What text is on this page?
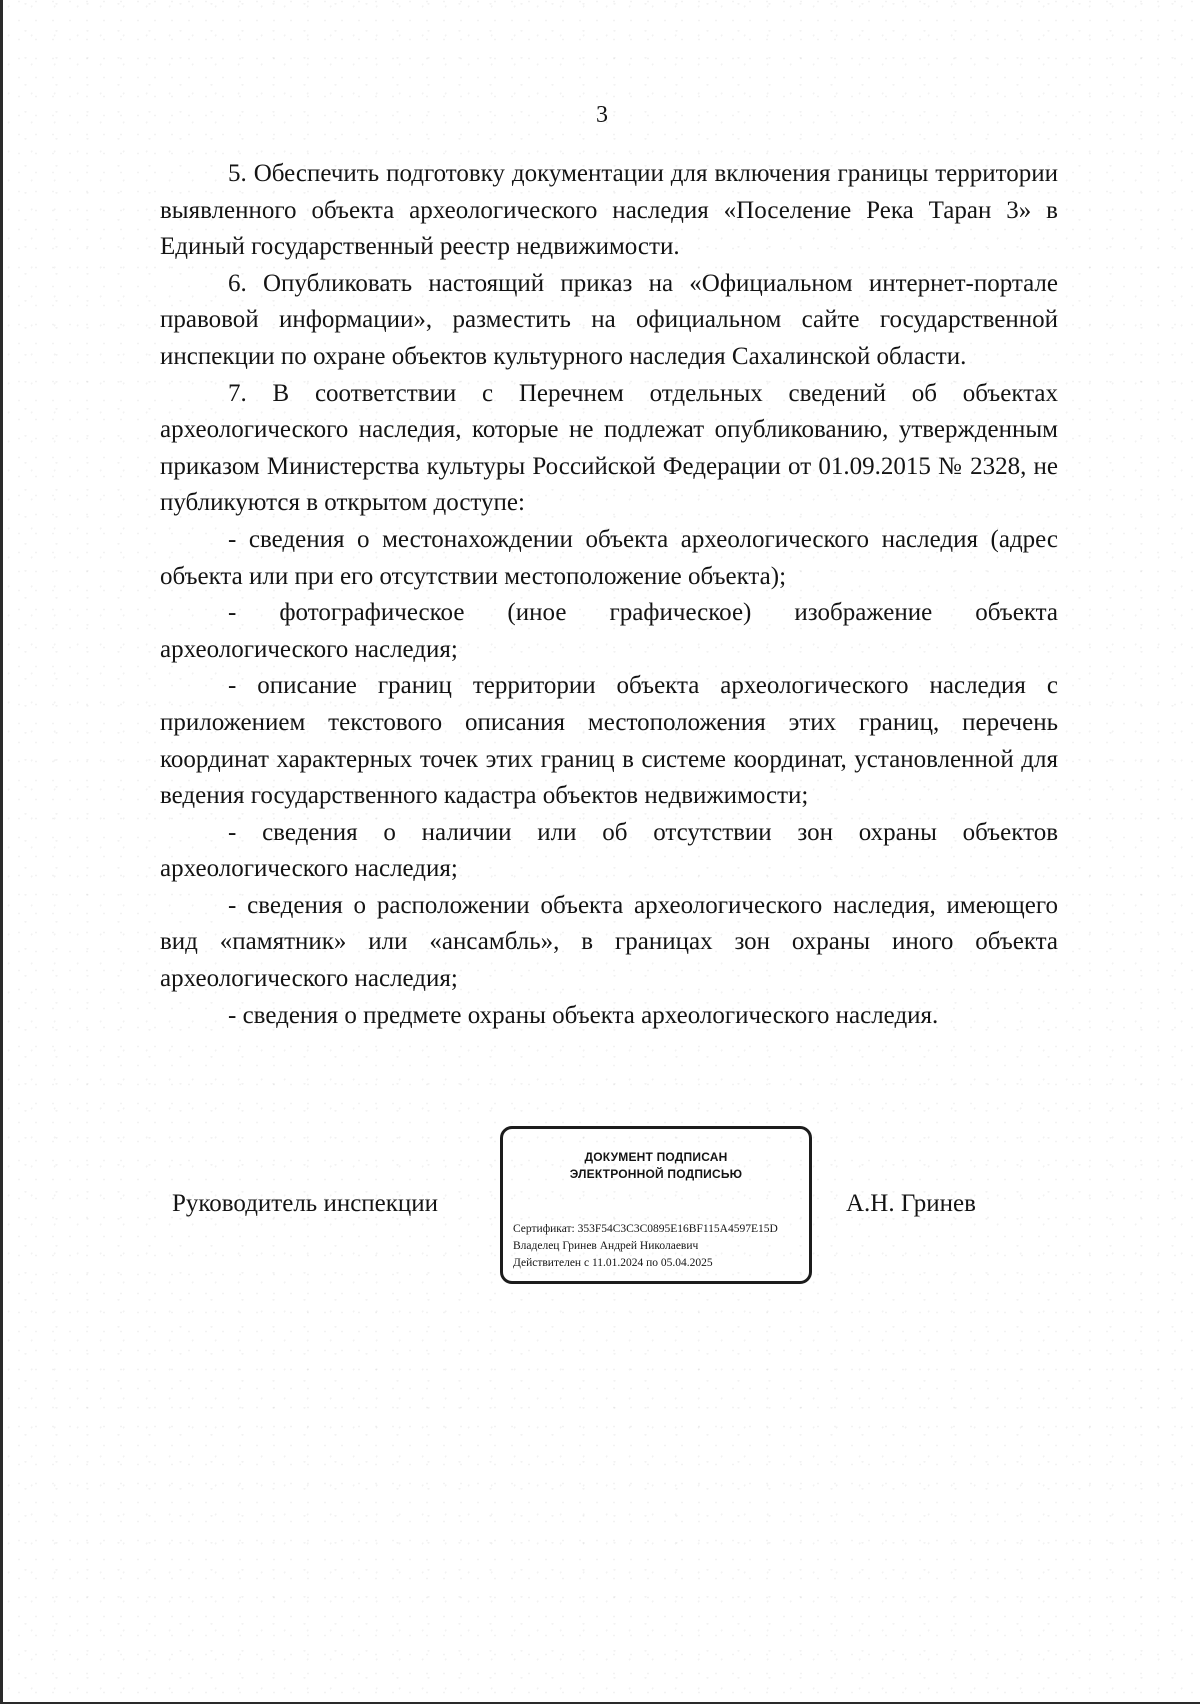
3

5. Обеспечить подготовку документации для включения границы территории выявленного объекта археологического наследия «Поселение Река Таран 3» в Единый государственный реестр недвижимости.

6. Опубликовать настоящий приказ на «Официальном интернет-портале правовой информации», разместить на официальном сайте государственной инспекции по охране объектов культурного наследия Сахалинской области.

7. В соответствии с Перечнем отдельных сведений об объектах археологического наследия, которые не подлежат опубликованию, утвержденным приказом Министерства культуры Российской Федерации от 01.09.2015 № 2328, не публикуются в открытом доступе:

- сведения о местонахождении объекта археологического наследия (адрес объекта или при его отсутствии местоположение объекта);

- фотографическое (иное графическое) изображение объекта археологического наследия;

- описание границ территории объекта археологического наследия с приложением текстового описания местоположения этих границ, перечень координат характерных точек этих границ в системе координат, установленной для ведения государственного кадастра объектов недвижимости;

- сведения о наличии или об отсутствии зон охраны объектов археологического наследия;

- сведения о расположении объекта археологического наследия, имеющего вид «памятник» или «ансамбль», в границах зон охраны иного объекта археологического наследия;

- сведения о предмете охраны объекта археологического наследия.

Руководитель инспекции
ДОКУМЕНТ ПОДПИСАН
ЭЛЕКТРОННОЙ ПОДПИСЬЮ
Сертификат: 353F54C3C3C0895E16BF115A4597E15D
Владелец Гринев Андрей Николаевич
Действителен с 11.01.2024 по 05.04.2025
А.Н. Гринев
